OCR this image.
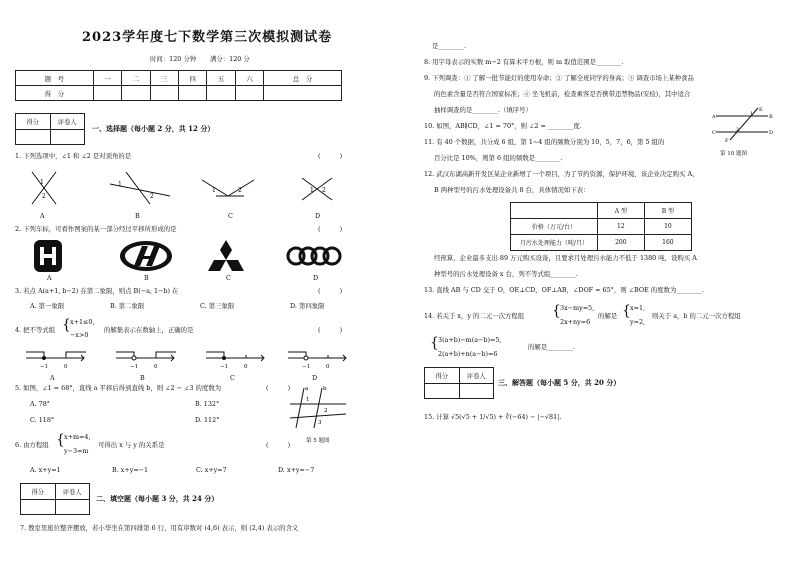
2023学年度七下数学第三次模拟测试卷
时间：120 分钟 满分：120 分
题　号	一	二	三	四	五	六	总　分
得　分							
得分	评卷人
一、选择题（每小题 2 分，共 12 分）
1. 下列选项中，∠1 和 ∠2 是对顶角的是	(　　　)
1
2
1
2
1	2	1 2
A	B	C	D
2. 下列车标，可看作图案的某一部分经过平移所形成的是	(　　　)
A	B	C	D
3. 若点 A(a+1, b−2) 在第二象限，则点 B(−a, 1−b) 在	(　　　)
A. 第一象限	B. 第二象限	C. 第三象限	D. 第四象限
4. 把不等式组 { x+1≤0,
−x>0
的解集表示在数轴上，正确的是	(　　　)
−1	0	−1	0	−1	0	−1	0
A	B	C	D
5. 如图，∠1 = 68°，直线 a 平移后得到直线 b，则 ∠2 − ∠3 的度数为	(　　　)
A. 78°	B. 132°
C. 118°	D. 112°
a	b
1
2
3
第 5 题图
6. 由方程组 { x+m=4,
y−3=m
可得出 x 与 y 的关系是	(　　　)
A. x+y=1	B. x+y=−1	C. x+y=7	D. x+y=−7
得分	评卷人
二、填空题（每小题 3 分，共 24 分）
7. 教室里座位整齐摆放，若小华坐在第四排第 6 行，用有序数对 (4,6) 表示，则 (2,4) 表示的含义
是________.
8. 用字母表示的实数 m−2 有算术平方根，则 m 取值范围是________.
9. 下列调查：① 了解一批节能灯的使用寿命；② 了解全班同学的身高；③ 调查市场上某种食品
的色素含量是否符合国家标准；④ 坐飞机前，检查乘客是否携带违禁物品(安检)，其中适合
抽样调查的是________.（填序号）
10. 如图，AB∥CD，∠1 = 70°，则 ∠2 = ________度.
A	B
C	D
E
F
1
2
第 10 题图
11. 有 40 个数据，共分成 6 组，第 1~4 组的频数分别为 10，5，7，6，第 5 组的
百分比是 10%，则第 6 组的频数是________.
12. 武汉东湖高新开发区某企业新增了一个项目，为了节约资源，保护环境，该企业决定购买 A、
B 两种型号的污水处理设备共 8 台，具体情况如下表：
	A 型	B 型
价格（万元/台）	12	10
月污水处理能力（吨/月）	200	160
经预算，企业最多支出 89 万元购买设备，且要求月处理污水能力不低于 1380 吨，设购买 A
种型号的污水处理设备 x 台，列不等式组________.
13. 直线 AB 与 CD 交于 O，OE⊥CD，OF⊥AB，∠DOF = 65°，则 ∠BOE 的度数为________.
14. 若关于 x，y 的二元一次方程组 { 3x−my=5,
2x+ny=6
的解是 { x=1,
y=2,
则关于 a，b 的二元一次方程组
{ 3(a+b)−m(a−b)=5,
2(a+b)+n(a−b)=6
的解是________.
得分	评卷人
三、解答题（每小题 5 分，共 20 分）
15. 计算 √5(√5 + 1/√5) + ∛(−64) − |−√81|.
